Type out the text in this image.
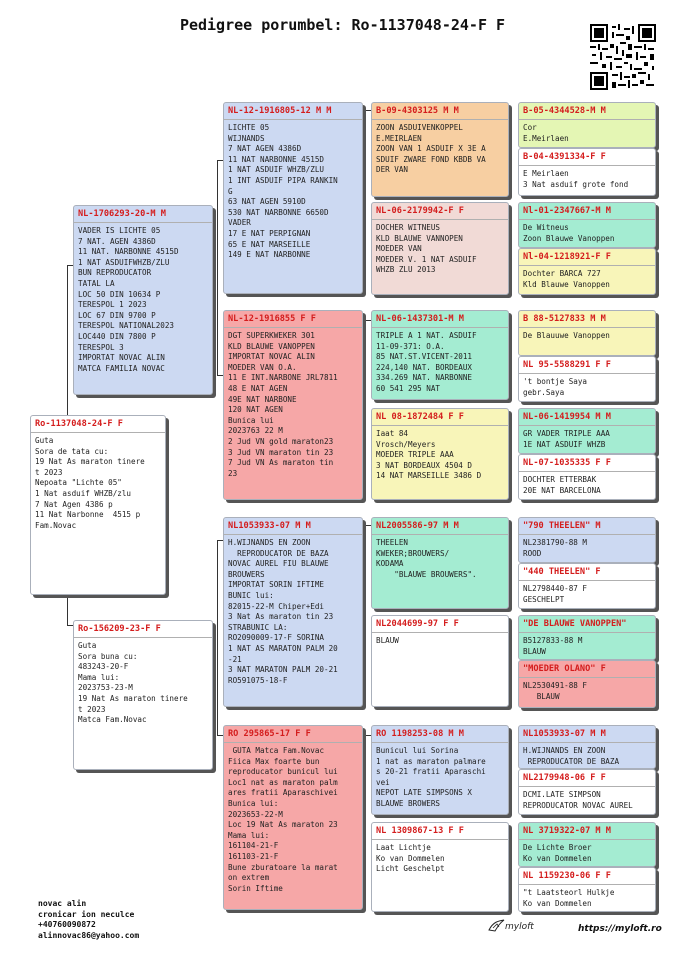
Pedigree porumbel: Ro-1137048-24-F F
Ro-1137048-24-F F
Guta
Sora de tata cu:
19 Nat As maraton tinere
t 2023
Nepoata "Lichte 05"
1 Nat asduif WHZB/zlu
7 Nat Agen 4386 p
11 Nat Narbonne  4515 p
Fam.Novac
NL-1706293-20-M M
VADER IS LICHTE 05
7 NAT. AGEN 4386D
11 NAT. NARBONNE 4515D
1 NAT ASDUIFWHZB/ZLU
BUN REPRODUCATOR
TATAL LA
LOC 50 DIN 10634 P
TERESPOL 1 2023
LOC 67 DIN 9700 P
TERESPOL NATIONAL2023
LOC440 DIN 7800 P
TERESPOL 3
IMPORTAT NOVAC ALIN
MATCA FAMILIA NOVAC
Ro-156209-23-F F
Guta
Sora buna cu:
483243-20-F
Mama lui:
2023753-23-M
19 Nat As maraton tinere
t 2023
Matca Fam.Novac
NL-12-1916805-12 M M
LICHTE 05
WIJNANDS
7 NAT AGEN 4386D
11 NAT NARBONNE 4515D
1 NAT ASDUIF WHZB/ZLU
1 INT ASDUIF PIPA RANKIN
G
63 NAT AGEN 5910D
530 NAT NARBONNE 6650D
VADER
17 E NAT PERPIGNAN
65 E NAT MARSEILLE
149 E NAT NARBONNE
NL-12-1916855 F F
DGT SUPERKWEKER 301
KLD BLAUWE VANOPPEN
IMPORTAT NOVAC ALIN
MOEDER VAN O.A.
11 E INT.NARBONE JRL7811
48 E NAT AGEN
49E NAT NARBONE
120 NAT AGEN
Bunica lui
2023763 22 M
2 Jud VN gold maraton23
3 Jud VN maraton tin 23
7 Jud VN As maraton tin
23
NL1053933-07 M M
H.WIJNANDS EN ZOON
REPRODUCATOR DE BAZA
NOVAC AUREL FIU BLAUWE
BROUWERS
IMPORTAT SORIN IFTIME
BUNIC lui:
82015-22-M Chiper+Edi
3 Nat As maraton tin 23
STRABUNIC LA:
RO2090009-17-F SORINA
1 NAT AS MARATON PALM 20
-21
3 NAT MARATON PALM 20-21
RO591075-18-F
RO 295865-17 F F
GUTA Matca Fam.Novac
Fiica Max foarte bun
reproducator bunicul lui
Loc1 nat as maraton palm
ares fratii Aparaschivei
Bunica lui:
2023653-22-M
Loc 19 Nat As maraton 23
Mama lui:
161104-21-F
161103-21-F
Bune zburatoare la marat
on extrem
Sorin Iftime
B-09-4303125 M M
ZOON ASDUIVENKOPPEL
E.MEIRLAEN
ZOON VAN 1 ASDUIF X 3E A
SDUIF ZWARE FOND KBDB VA
DER VAN
NL-06-2179942-F F
DOCHER WITNEUS
KLD BLAUWE VANNOPEN
MOEDER VAN
MOEDER V. 1 NAT ASDUIF
WHZB ZLU 2013
NL-06-1437301-M M
TRIPLE A 1 NAT. ASDUIF
11-09-371: O.A.
85 NAT.ST.VICENT-2011
224,140 NAT. BORDEAUX
334.269 NAT. NARBONNE
60 541 295 NAT
NL 08-1872484 F F
Iaat 84
Vrosch/Meyers
MOEDER TRIPLE AAA
3 NAT BORDEAUX 4504 D
14 NAT MARSEILLE 3486 D
NL2005586-97 M M
THEELEN
KWEKER;BROUWERS/
KODAMA
"BLAUWE BROUWERS".
NL2044699-97 F F
BLAUW
RO 1198253-08 M M
Bunicul lui Sorina
1 nat as maraton palmare
s 20-21 fratii Aparaschi
vei
NEPOT LATE SIMPSONS X
BLAUWE BROWERS
NL 1309867-13 F F
Laat Lichtje
Ko van Dommelen
Licht Geschelpt
B-05-4344528-M M
Cor
E.Meirlaen
B-04-4391334-F F
E Meirlaen
3 Nat asduif grote fond
Nl-01-2347667-M M
De Witneus
Zoon Blauwe Vanoppen
Nl-04-1218921-F F
Dochter BARCA 727
Kld Blauwe Vanoppen
B 88-5127833 M M
De Blauuwe Vanoppen
NL 95-5588291 F F
't bontje Saya
gebr.Saya
NL-06-1419954 M M
GR VADER TRIPLE AAA
1E NAT ASDUIF WHZB
NL-07-1035335 F F
DOCHTER ETTERBAK
20E NAT BARCELONA
"790 THEELEN" M
NL2381790-88 M
ROOD
"440 THEELEN" F
NL2798440-87 F
GESCHELPT
"DE BLAUWE VANOPPEN"
B5127833-88 M
BLAUW
"MOEDER OLANO" F
NL2530491-88 F
BLAUW
NL1053933-07 M M
H.WIJNANDS EN ZOON
REPRODUCATOR DE BAZA
NL2179948-06 F F
DCMI.LATE SIMPSON
REPRODUCATOR NOVAC AUREL
NL 3719322-07 M M
De Lichte Broer
Ko van Dommelen
NL 1159230-06 F F
"t Laatsteorl Hulkje
Ko van Dommelen
novac alin
cronicar ion neculce
+40760090872
alinnovac86@yahoo.com
myloft	https://myloft.ro
